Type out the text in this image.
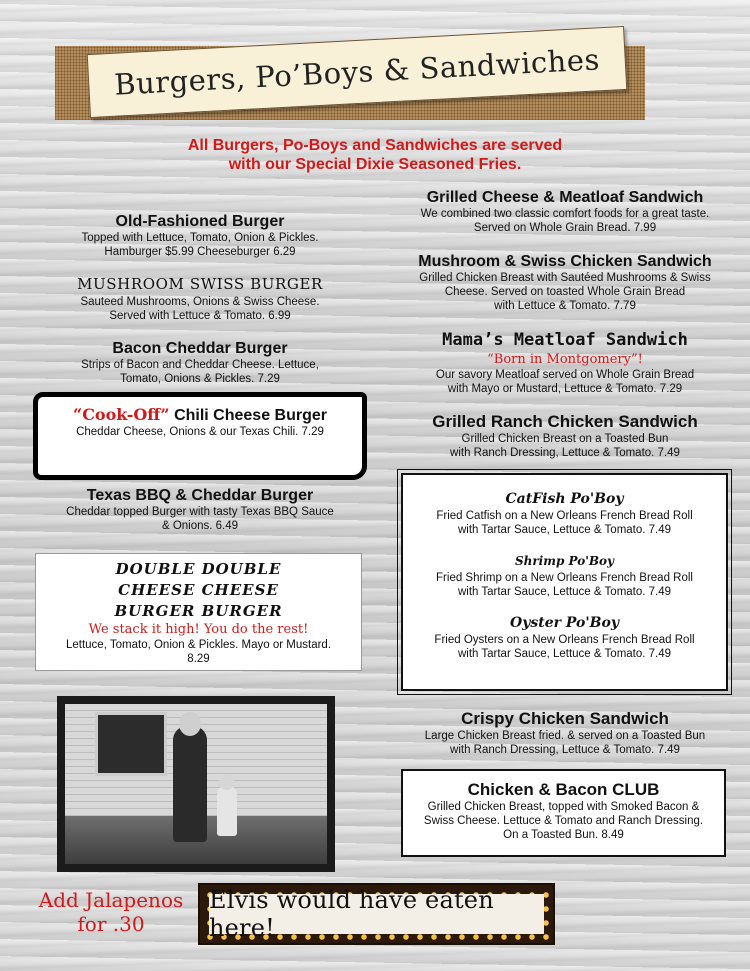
Burgers, Po’Boys & Sandwiches
All Burgers, Po-Boys and Sandwiches are served
with our Special Dixie Seasoned Fries.
Old-Fashioned Burger
Topped with Lettuce, Tomato, Onion & Pickles.
Hamburger $5.99 Cheeseburger 6.29
MUSHROOM SWISS BURGER
Sauteed Mushrooms, Onions & Swiss Cheese.
Served with Lettuce & Tomato. 6.99
Bacon Cheddar Burger
Strips of Bacon and Cheddar Cheese. Lettuce,
Tomato, Onions & Pickles. 7.29
“Cook-Off” Chili Cheese Burger
Cheddar Cheese, Onions & our Texas Chili. 7.29
Texas BBQ & Cheddar Burger
Cheddar topped Burger with tasty Texas BBQ Sauce
& Onions. 6.49
DOUBLE DOUBLE
CHEESE CHEESE
BURGER BURGER
We stack it high! You do the rest!
Lettuce, Tomato, Onion & Pickles. Mayo or Mustard.
8.29
Add Jalapenos
for .30
Grilled Cheese & Meatloaf Sandwich
We combined two classic comfort foods for a great taste.
Served on Whole Grain Bread. 7.99
Mushroom & Swiss Chicken Sandwich
Grilled Chicken Breast with Sautéed Mushrooms & Swiss
Cheese. Served on toasted Whole Grain Bread
with Lettuce & Tomato. 7.79
Mama’s Meatloaf Sandwich
“Born in Montgomery”!
Our savory Meatloaf served on Whole Grain Bread
with Mayo or Mustard, Lettuce & Tomato. 7.29
Grilled Ranch Chicken Sandwich
Grilled Chicken Breast on a Toasted Bun
with Ranch Dressing, Lettuce & Tomato. 7.49
CatFish Po'Boy
Fried Catfish on a New Orleans French Bread Roll
with Tartar Sauce, Lettuce & Tomato. 7.49
Shrimp Po'Boy
Fried Shrimp on a New Orleans French Bread Roll
with Tartar Sauce, Lettuce & Tomato. 7.49
Oyster Po'Boy
Fried Oysters on a New Orleans French Bread Roll
with Tartar Sauce, Lettuce & Tomato. 7.49
Crispy Chicken Sandwich
Large Chicken Breast fried. & served on a Toasted Bun
with Ranch Dressing, Lettuce & Tomato. 7.49
Chicken & Bacon CLUB
Grilled Chicken Breast, topped with Smoked Bacon &
Swiss Cheese. Lettuce & Tomato and Ranch Dressing.
On a Toasted Bun. 8.49
Elvis would have eaten here!
